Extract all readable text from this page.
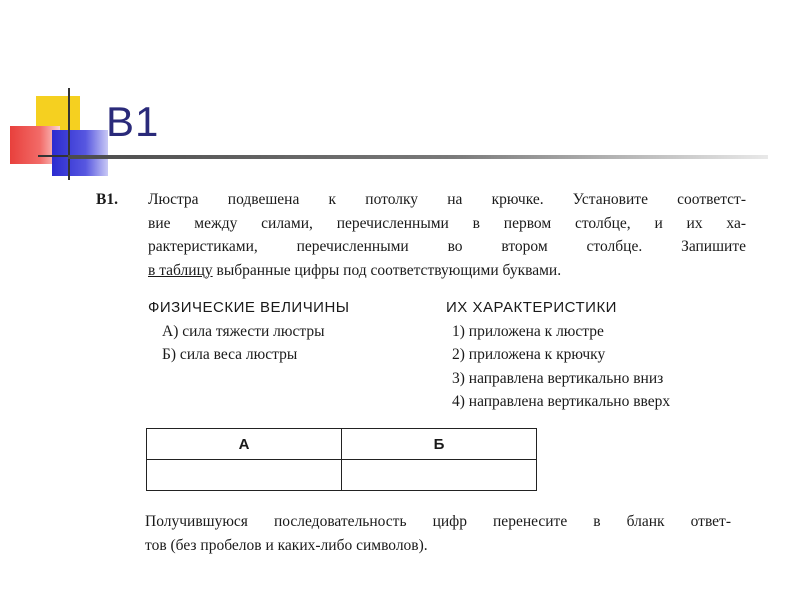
B1
B1. Люстра подвешена к потолку на крючке. Установите соответст-
вие между силами, перечисленными в первом столбце, и их ха-
рактеристиками, перечисленными во втором столбце. Запишите
в таблицу выбранные цифры под соответствующими буквами.
ФИЗИЧЕСКИЕ ВЕЛИЧИНЫ
А) сила тяжести люстры
Б) сила веса люстры
ИХ ХАРАКТЕРИСТИКИ
1) приложена к люстре
2) приложена к крючку
3) направлена вертикально вниз
4) направлена вертикально вверх
А	Б

Получившуюся последовательность цифр перенесите в бланк ответ-
тов (без пробелов и каких-либо символов).
